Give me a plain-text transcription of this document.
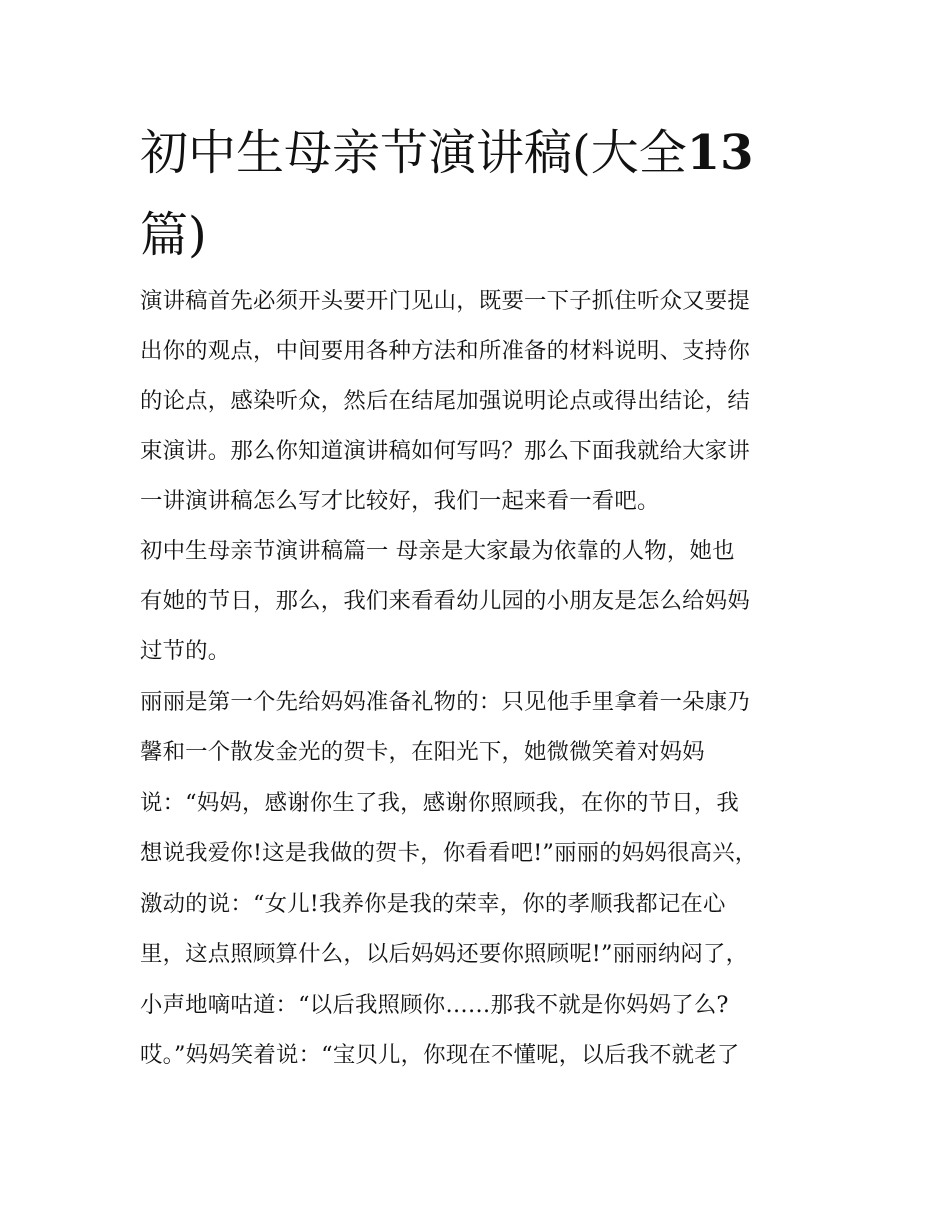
初中生母亲节演讲稿(大全13
篇)

演讲稿首先必须开头要开门见山，既要一下子抓住听众又要提

出你的观点，中间要用各种方法和所准备的材料说明、支持你

的论点，感染听众，然后在结尾加强说明论点或得出结论，结

束演讲。那么你知道演讲稿如何写吗？那么下面我就给大家讲

一讲演讲稿怎么写才比较好，我们一起来看一看吧。

初中生母亲节演讲稿篇一 母亲是大家最为依靠的人物，她也

有她的节日，那么，我们来看看幼儿园的小朋友是怎么给妈妈

过节的。

丽丽是第一个先给妈妈准备礼物的：只见他手里拿着一朵康乃

馨和一个散发金光的贺卡，在阳光下，她微微笑着对妈妈

说：“妈妈，感谢你生了我，感谢你照顾我，在你的节日，我

想说我爱你!这是我做的贺卡，你看看吧!”丽丽的妈妈很高兴，

激动的说：“女儿!我养你是我的荣幸，你的孝顺我都记在心

里，这点照顾算什么，以后妈妈还要你照顾呢!”丽丽纳闷了，

小声地嘀咕道：“以后我照顾你……那我不就是你妈妈了么?

哎。”妈妈笑着说：“宝贝儿，你现在不懂呢，以后我不就老了
